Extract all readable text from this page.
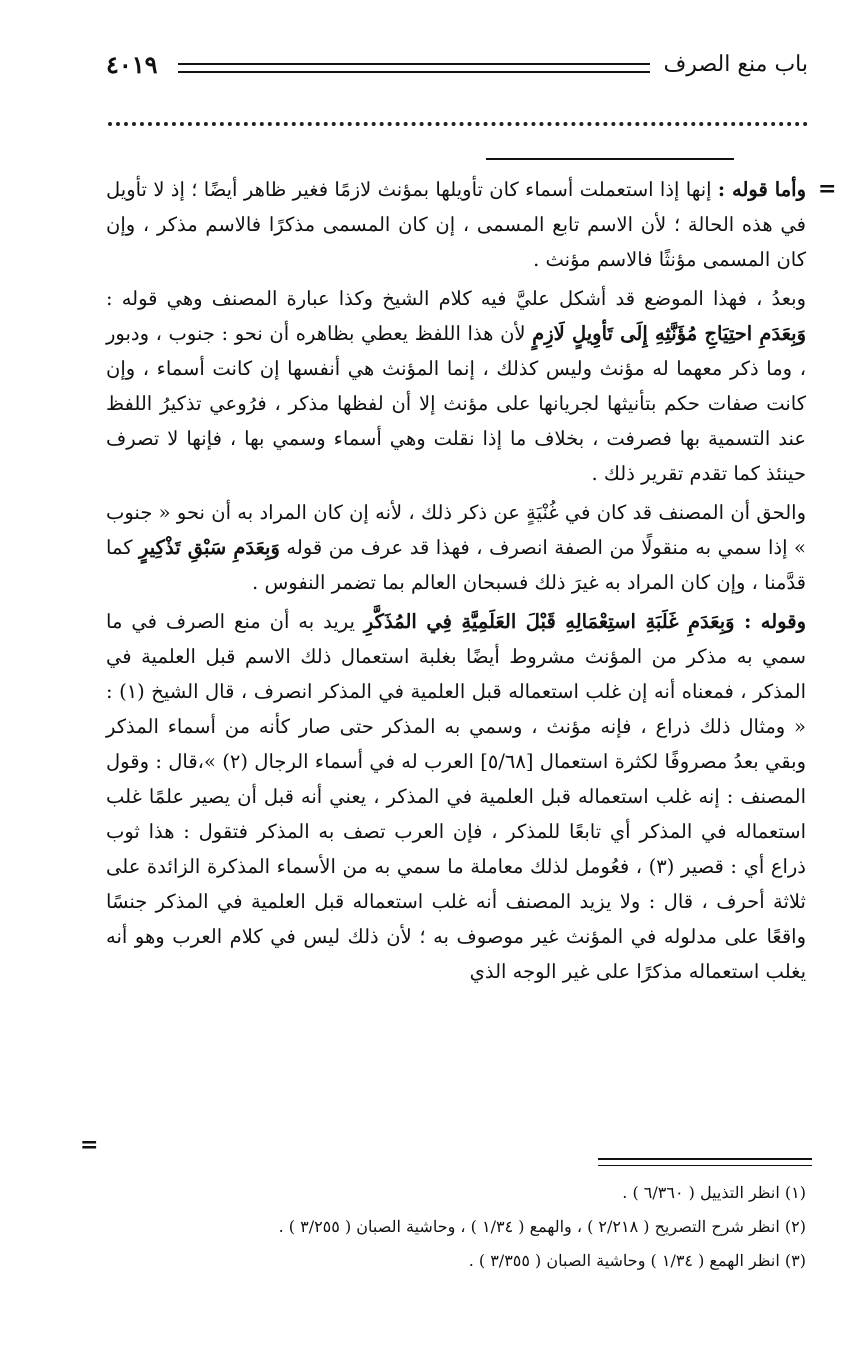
باب منع الصرف
٤٠١٩
=

وأما قوله : إنها إذا استعملت أسماء كان تأويلها بمؤنث لازمًا فغير ظاهر أيضًا ؛ إذ لا تأويل في هذه الحالة ؛ لأن الاسم تابع المسمى ، إن كان المسمى مذكرًا فالاسم مذكر ، وإن كان المسمى مؤنثًا فالاسم مؤنث .

وبعدُ ، فهذا الموضع قد أشكل عليَّ فيه كلام الشيخ وكذا عبارة المصنف وهي قوله : وَبِعَدَمِ احتِيَاجِ مُؤَنَّثِهِ إِلَى تَأوِيلٍ لَازِمٍ لأن هذا اللفظ يعطي بظاهره أن نحو : جنوب ، ودبور ، وما ذكر معهما له مؤنث وليس كذلك ، إنما المؤنث هي أنفسها إن كانت أسماء ، وإن كانت صفات حكم بتأنيثها لجريانها على مؤنث إلا أن لفظها مذكر ، فرُوعي تذكيرُ اللفظ عند التسمية بها فصرفت ، بخلاف ما إذا نقلت وهي أسماء وسمي بها ، فإنها لا تصرف حينئذ كما تقدم تقرير ذلك .

والحق أن المصنف قد كان في غُنْيَةٍ عن ذكر ذلك ، لأنه إن كان المراد به أن نحو « جنوب » إذا سمي به منقولًا من الصفة انصرف ، فهذا قد عرف من قوله وَبِعَدَمِ سَبْقِ تَذْكِيرٍ كما قدَّمنا ، وإن كان المراد به غيرَ ذلك فسبحان العالم بما تضمر النفوس .

وقوله : وَبِعَدَمِ غَلَبَةِ استِعْمَالِهِ قَبْلَ العَلَمِيَّةِ فِي المُذَكَّرِ يريد به أن منع الصرف في ما سمي به مذكر من المؤنث مشروط أيضًا بغلبة استعمال ذلك الاسم قبل العلمية في المذكر ، فمعناه أنه إن غلب استعماله قبل العلمية في المذكر انصرف ، قال الشيخ (١) : « ومثال ذلك ذراع ، فإنه مؤنث ، وسمي به المذكر حتى صار كأنه من أسماء المذكر وبقي بعدُ مصروفًا لكثرة استعمال [٥/٦٨] العرب له في أسماء الرجال (٢) »،قال : وقول المصنف : إنه غلب استعماله قبل العلمية في المذكر ، يعني أنه قبل أن يصير علمًا غلب استعماله في المذكر أي تابعًا للمذكر ، فإن العرب تصف به المذكر فتقول : هذا ثوب ذراع أي : قصير (٣) ، فعُومل لذلك معاملة ما سمي به من الأسماء المذكرة الزائدة على ثلاثة أحرف ، قال : ولا يزيد المصنف أنه غلب استعماله قبل العلمية في المذكر جنسًا واقعًا على مدلوله في المؤنث غير موصوف به ؛ لأن ذلك ليس في كلام العرب وهو أنه يغلب استعماله مذكرًا على غير الوجه الذي

=

(١) انظر التذييل ( ٦/٣٦٠ ) .

(٢) انظر شرح التصريح ( ٢/٢١٨ ) ، والهمع ( ١/٣٤ ) ، وحاشية الصبان ( ٣/٢٥٥ ) .

(٣) انظر الهمع ( ١/٣٤ ) وحاشية الصبان ( ٣/٣٥٥ ) .
